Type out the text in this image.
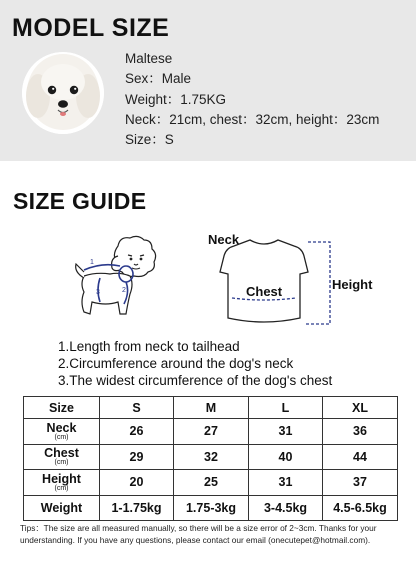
MODEL SIZE
Maltese
Sex：Male
Weight：1.75KG
Neck：21cm, chest：32cm, height：23cm
Size：S
SIZE GUIDE
1
2
3
Neck
Chest	Height
1.Length from neck to tailhead
2.Circumference around the dog's neck
3.The widest circumference of the dog's chest
Size	S	M	L	XL
Neck
(cm)	26	27	31	36
Chest
(cm)	29	32	40	44
Height
(cm)	20	25	31	37
Weight	1-1.75kg	1.75-3kg	3-4.5kg	4.5-6.5kg
Tips：The size are all measured manually, so there will be a size error of 2~3cm. Thanks for your understanding. If you have any questions, please contact our email (onecutepet@hotmail.com).
